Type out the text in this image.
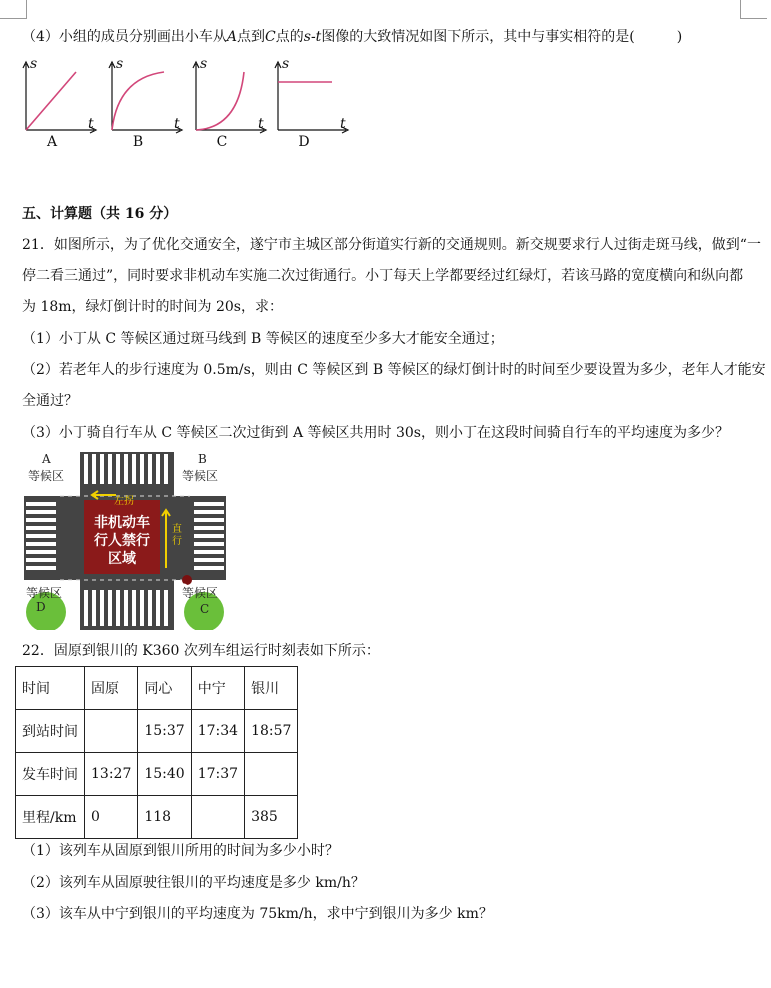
（4）小组的成员分别画出小车从A点到C点的s-t图像的大致情况如图下所示，其中与事实相符的是(　　　)
s
t
A
s
t
B
s
t
C
s
t
D
五、计算题（共 16 分）
21．如图所示，为了优化交通安全，遂宁市主城区部分街道实行新的交通规则。新交规要求行人过街走斑马线，做到“一
停二看三通过”，同时要求非机动车实施二次过街通行。小丁每天上学都要经过红绿灯，若该马路的宽度横向和纵向都
为 18m，绿灯倒计时的时间为 20s，求：
（1）小丁从 C 等候区通过斑马线到 B 等候区的速度至少多大才能安全通过；
（2）若老年人的步行速度为 0.5m/s，则由 C 等候区到 B 等候区的绿灯倒计时的时间至少要设置为多少，老年人才能安
全通过？
（3）小丁骑自行车从 C 等候区二次过街到 A 等候区共用时 30s，则小丁在这段时间骑自行车的平均速度为多少？
A
等候区
B
等候区
等候区
D
等候区
C
非机动车
行人禁行
区域
左拐
直行
22．固原到银川的 K360 次列车组运行时刻表如下所示：
时间	固原	同心	中宁	银川
到站时间		15:37	17:34	18:57
发车时间	13:27	15:40	17:37	
里程/km	0	118		385
（1）该列车从固原到银川所用的时间为多少小时？
（2）该列车从固原驶往银川的平均速度是多少 km/h？
（3）该车从中宁到银川的平均速度为 75km/h，求中宁到银川为多少 km？
